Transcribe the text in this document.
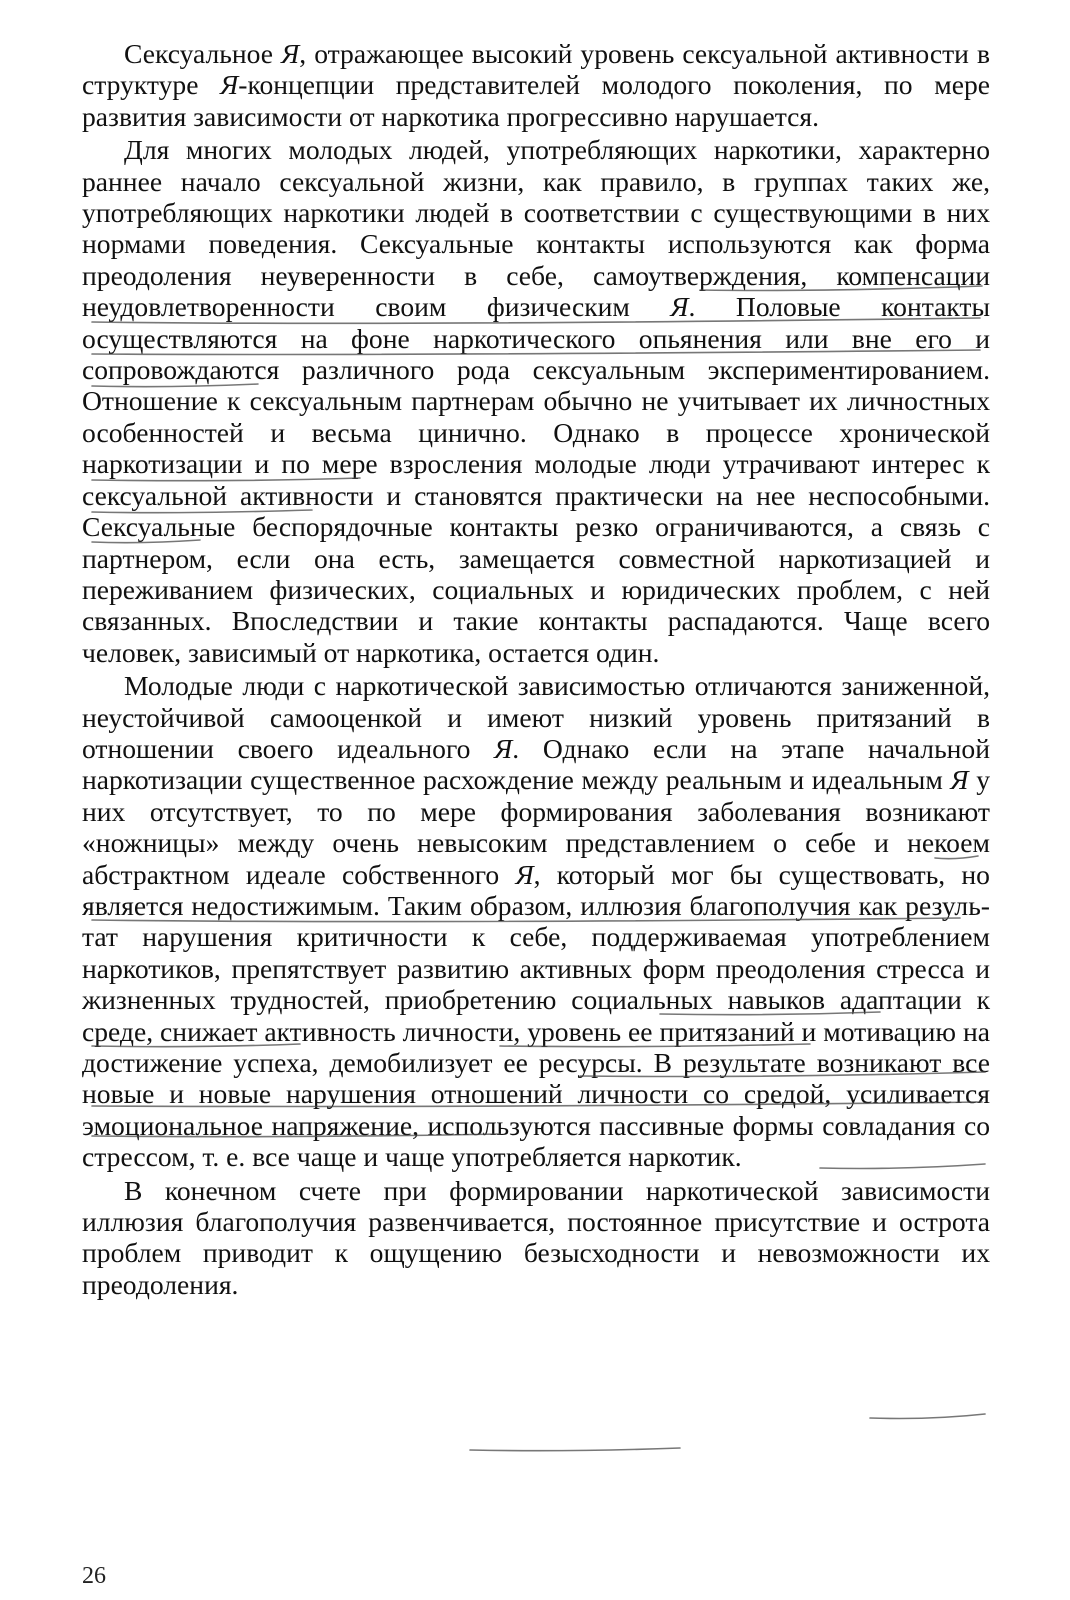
Сексуальное Я, отражающее высокий уровень сексуальной активности в структуре Я-концепции представителей молодого поколения, по мере развития зависимости от наркотика прогрессивно нарушается.

Для многих молодых людей, употребляющих наркотики, характерно раннее начало сексуальной жизни, как правило, в группах таких же, употребляющих наркотики людей в соответствии с существующими в них нормами поведения. Сексуальные контакты используются как форма преодоления неуверенности в себе, самоутверждения, компенсации неудовлетворенности своим физическим Я. Половые контакты осуществляются на фоне наркотического опьянения или вне его и сопровождаются различного рода сексуальным экспериментированием. Отношение к сексуальным партнерам обычно не учитывает их личностных особенностей и весьма цинично. Однако в процессе хронической наркотизации и по мере взросления молодые люди утрачивают интерес к сексуальной активности и становятся практически на нее неспособными. Сексуальные беспорядочные контакты резко ограничиваются, а связь с партнером, если она есть, замещается совместной наркотизацией и переживанием физических, социальных и юридических проблем, с ней связанных. Впоследствии и такие контакты распадаются. Чаще всего человек, зависимый от наркотика, остается один.

Молодые люди с наркотической зависимостью отличаются заниженной, неустойчивой самооценкой и имеют низкий уровень притязаний в отношении своего идеального Я. Однако если на этапе начальной наркотизации существенное расхождение между реальным и идеальным Я у них отсутствует, то по мере формирования заболевания возникают «ножницы» между очень невысоким представлением о себе и некоем абстрактном идеале собственного Я, который мог бы существовать, но является недостижимым. Таким образом, иллюзия благополучия как результат нарушения критичности к себе, поддерживаемая употреблением наркотиков, препятствует развитию активных форм преодоления стресса и жизненных трудностей, приобретению социальных навыков адаптации к среде, снижает активность личности, уровень ее притязаний и мотивацию на достижение успеха, демобилизует ее ресурсы. В результате возникают все новые и новые нарушения отношений личности со средой, усиливается эмоциональное напряжение, используются пассивные формы совладания со стрессом, т. е. все чаще и чаще употребляется наркотик.

В конечном счете при формировании наркотической зависимости иллюзия благополучия развенчивается, постоянное присутствие и острота проблем приводит к ощущению безысходности и невозможности их преодоления.

26
